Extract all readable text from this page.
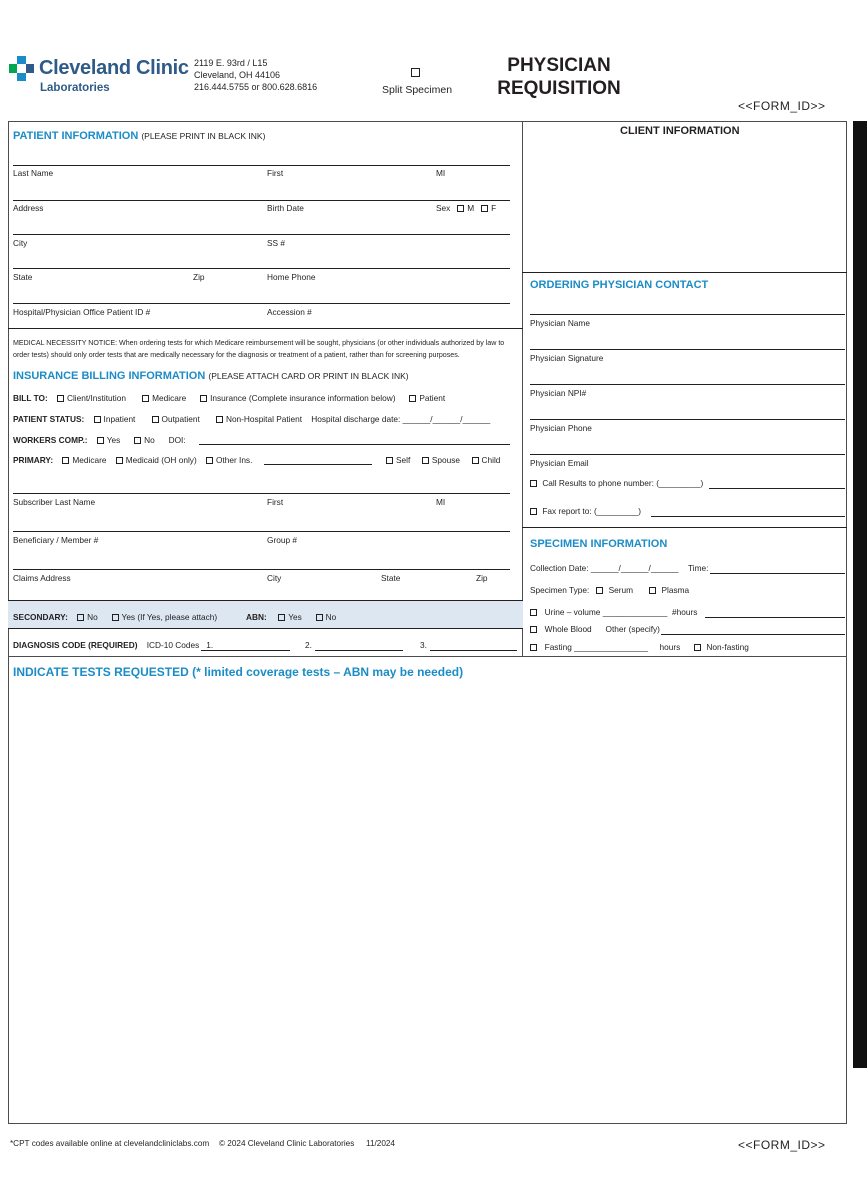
Cleveland Clinic
Laboratories
2119 E. 93rd / L15
Cleveland, OH 44106
216.444.5755 or 800.628.6816	Split Specimen
PHYSICIAN
REQUISITION
<<FORM_ID>>
PATIENT INFORMATION (PLEASE PRINT IN BLACK INK)
Last Name	First	MI
Address	Birth Date	Sex M F
City	SS #
State	Zip	Home Phone
Hospital/Physician Office Patient ID #	Accession #
MEDICAL NECESSITY NOTICE: When ordering tests for which Medicare reimbursement will be sought, physicians (or other individuals authorized by law to order tests) should only order tests that are medically necessary for the diagnosis or treatment of a patient, rather than for screening purposes.
INSURANCE BILLING INFORMATION (PLEASE ATTACH CARD OR PRINT IN BLACK INK)
BILL TO: Client/Institution	Medicare	Insurance (Complete insurance information below)	Patient
PATIENT STATUS: Inpatient	Outpatient	Non-Hospital Patient Hospital discharge date: ______/______/______
WORKERS COMP.: Yes	No DOI:
PRIMARY: Medicare Medicaid (OH only) Other Ins.	Self	Spouse	Child
Subscriber Last Name	First	MI
Beneficiary / Member #	Group #
Claims Address	City	State	Zip
SECONDARY: No	Yes (If Yes, please attach)	ABN:	Yes	No
DIAGNOSIS CODE (REQUIRED) ICD-10 Codes 1.	2.	3.
CLIENT INFORMATION
ORDERING PHYSICIAN CONTACT
Physician Name
Physician Signature
Physician NPI#
Physician Phone
Physician Email
Call Results to phone number: (_________)
Fax report to: (_________)
SPECIMEN INFORMATION
Collection Date: ______/______/______ Time:
Specimen Type: Serum	Plasma
Urine – volume ______________ #hours
Whole Blood Other (specify)
Fasting ________________ hours	Non-fasting
INDICATE TESTS REQUESTED (* limited coverage tests – ABN may be needed)
*CPT codes available online at clevelandcliniclabs.com © 2024 Cleveland Clinic Laboratories 11/2024	<<FORM_ID>>
